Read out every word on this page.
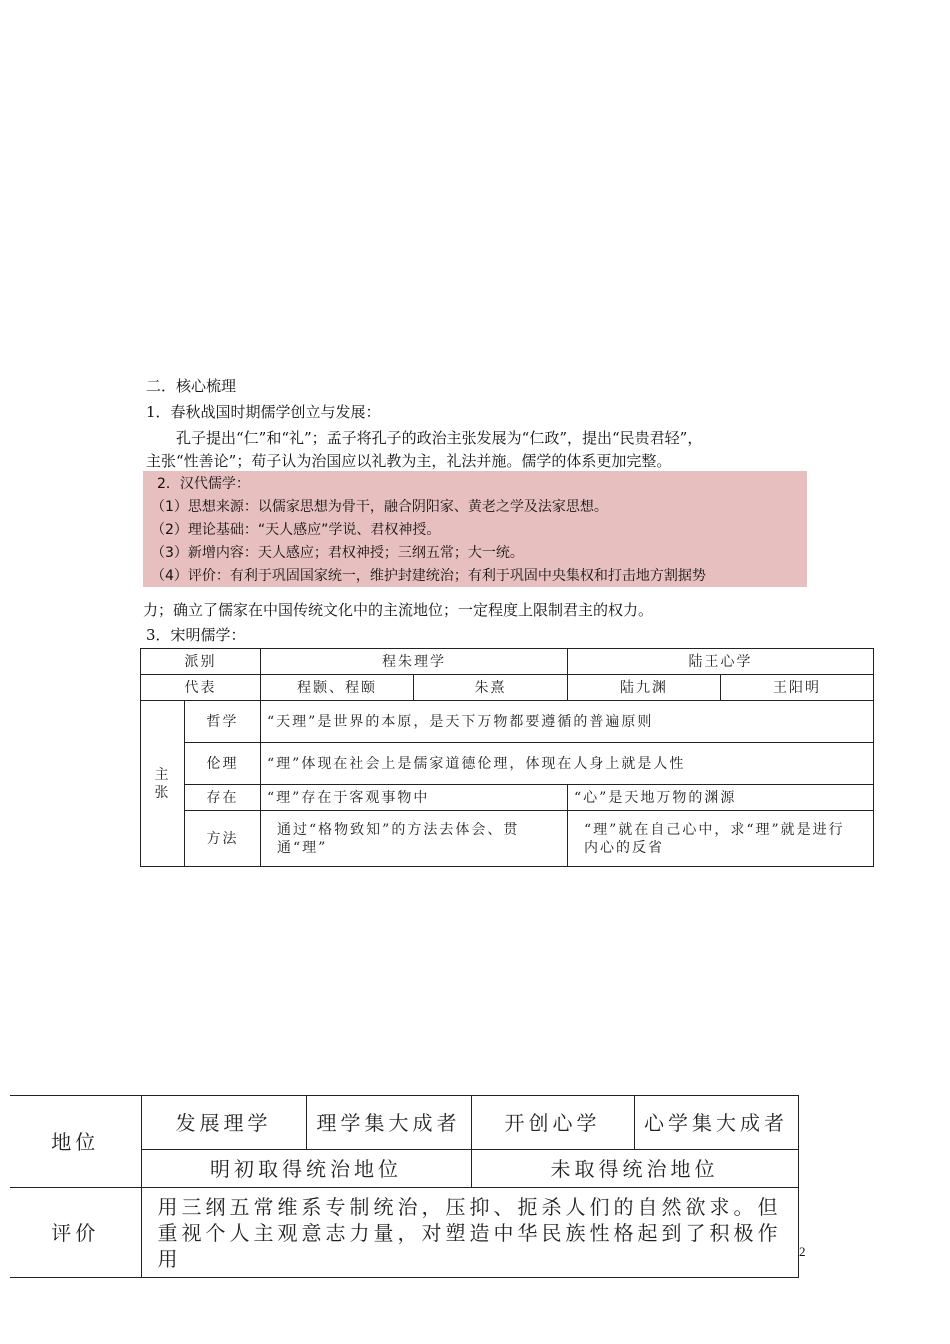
二．核心梳理
1．春秋战国时期儒学创立与发展：
孔子提出“仁”和“礼”；孟子将孔子的政治主张发展为“仁政”，提出“民贵君轻”，
主张“性善论”；荀子认为治国应以礼教为主，礼法并施。儒学的体系更加完整。
2．汉代儒学：
（1）思想来源：以儒家思想为骨干，融合阴阳家、黄老之学及法家思想。
（2）理论基础：“天人感应”学说、君权神授。
（3）新增内容：天人感应；君权神授；三纲五常；大一统。
（4）评价：有利于巩固国家统一，维护封建统治；有利于巩固中央集权和打击地方割据势
力；确立了儒家在中国传统文化中的主流地位；一定程度上限制君主的权力。
3．宋明儒学：
派别		程朱理学		陆王心学	
代表		程颢、程颐	朱熹	陆九渊	王阳明
主张	哲学	“天理”是世界的本原，是天下万物都要遵循的普遍原则			
	伦理	“理”体现在社会上是儒家道德伦理，体现在人身上就是人性			
	存在	“理”存在于客观事物中		“心”是天地万物的渊源	
	方法	通过“格物致知”的方法去体会、贯通“理”		“理”就在自己心中，求“理”就是进行内心的反省	
地位	发展理学	理学集大成者	开创心学	心学集大成者
	明初取得统治地位		未取得统治地位	
评价	用三纲五常维系专制统治，压抑、扼杀人们的自然欲求。但重视个人主观意志力量，对塑造中华民族性格起到了积极作用				2
